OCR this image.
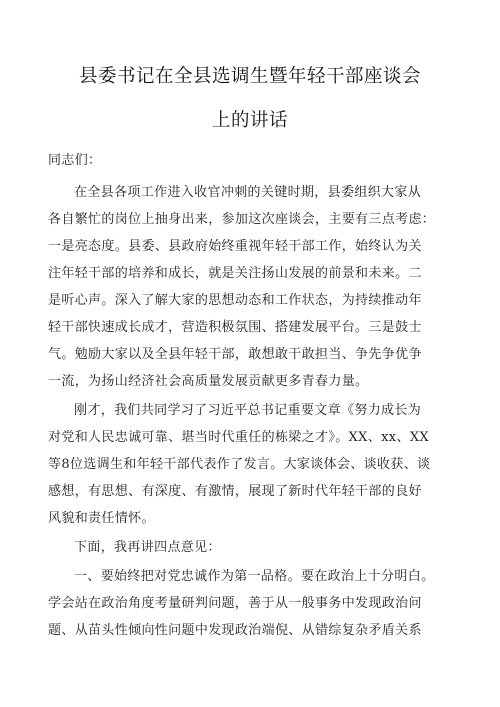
县委书记在全县选调生暨年轻干部座谈会
上的讲话
同志们：
在全县各项工作进入收官冲刺的关键时期，县委组织大家从
各自繁忙的岗位上抽身出来，参加这次座谈会，主要有三点考虑：
一是亮态度。县委、县政府始终重视年轻干部工作，始终认为关
注年轻干部的培养和成长，就是关注扬山发展的前景和未来。二
是听心声。深入了解大家的思想动态和工作状态，为持续推动年
轻干部快速成长成才，营造积极氛围、搭建发展平台。三是鼓士
气。勉励大家以及全县年轻干部，敢想敢干敢担当、争先争优争
一流，为扬山经济社会高质量发展贡献更多青春力量。
刚才，我们共同学习了习近平总书记重要文章《努力成长为
对党和人民忠诚可靠、堪当时代重任的栋梁之才》。XX、xx、XX
等8位选调生和年轻干部代表作了发言。大家谈体会、谈收获、谈
感想，有思想、有深度、有激情，展现了新时代年轻干部的良好
风貌和责任情怀。
下面，我再讲四点意见：
一、要始终把对党忠诚作为第一品格。要在政治上十分明白。
学会站在政治角度考量研判问题，善于从一般事务中发现政治问
题、从苗头性倾向性问题中发现政治端倪、从错综复杂矛盾关系
